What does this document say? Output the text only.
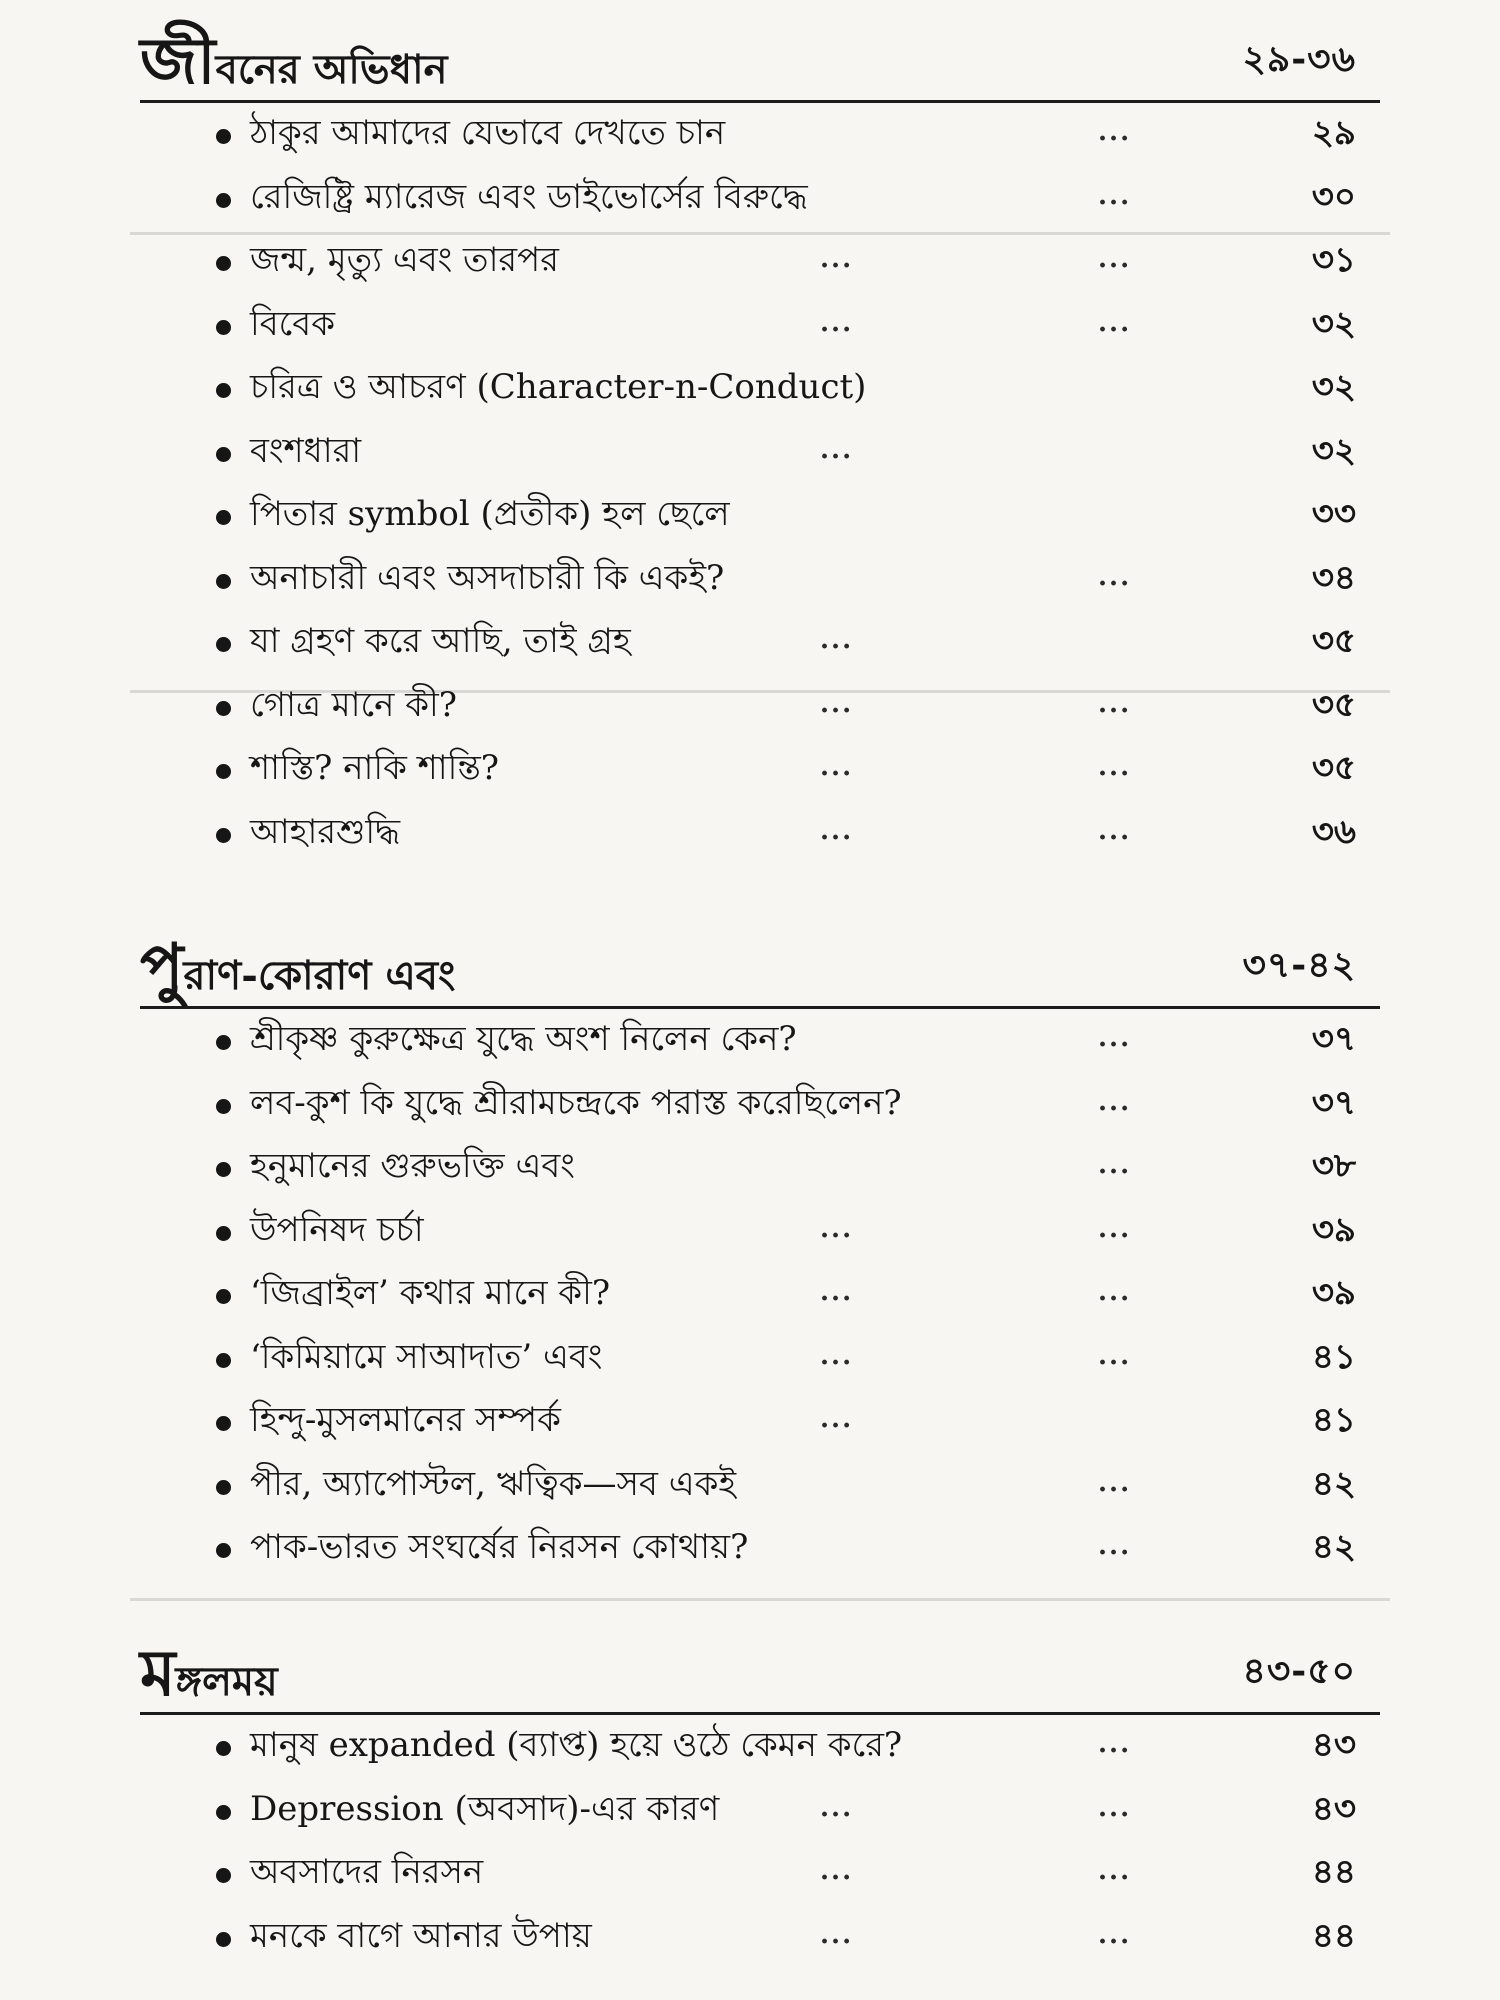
জীবনের অভিধান	২৯-৩৬
ঠাকুর আমাদের যেভাবে দেখতে চান	...	২৯
রেজিষ্ট্রি ম্যারেজ এবং ডাইভোর্সের বিরুদ্ধে	...	৩০
জন্ম, মৃত্যু এবং তারপর	...	...	৩১
বিবেক	...	...	৩২
চরিত্র ও আচরণ (Character-n-Conduct)	৩২
বংশধারা	...	৩২
পিতার symbol (প্রতীক) হল ছেলে	৩৩
অনাচারী এবং অসদাচারী কি একই?	...	৩৪
যা গ্রহণ করে আছি, তাই গ্রহ	...	৩৫
গোত্র মানে কী?	...	...	৩৫
শাস্তি? নাকি শান্তি?	...	...	৩৫
আহারশুদ্ধি	...	...	৩৬
পুরাণ-কোরাণ এবং	৩৭-৪২
শ্রীকৃষ্ণ কুরুক্ষেত্র যুদ্ধে অংশ নিলেন কেন?	...	৩৭
লব-কুশ কি যুদ্ধে শ্রীরামচন্দ্রকে পরাস্ত করেছিলেন?	...	৩৭
হনুমানের গুরুভক্তি এবং	...	৩৮
উপনিষদ চর্চা	...	...	৩৯
‘জিব্রাইল’ কথার মানে কী?	...	...	৩৯
‘কিমিয়ামে সাআদাত’ এবং	...	...	৪১
হিন্দু-মুসলমানের সম্পর্ক	...	৪১
পীর, অ্যাপোস্টল, ঋত্বিক—সব একই	...	৪২
পাক-ভারত সংঘর্ষের নিরসন কোথায়?	...	৪২
মঙ্গলময়	৪৩-৫০
মানুষ expanded (ব্যাপ্ত) হয়ে ওঠে কেমন করে?	...	৪৩
Depression (অবসাদ)-এর কারণ	...	...	৪৩
অবসাদের নিরসন	...	...	৪৪
মনকে বাগে আনার উপায়	...	...	৪৪
